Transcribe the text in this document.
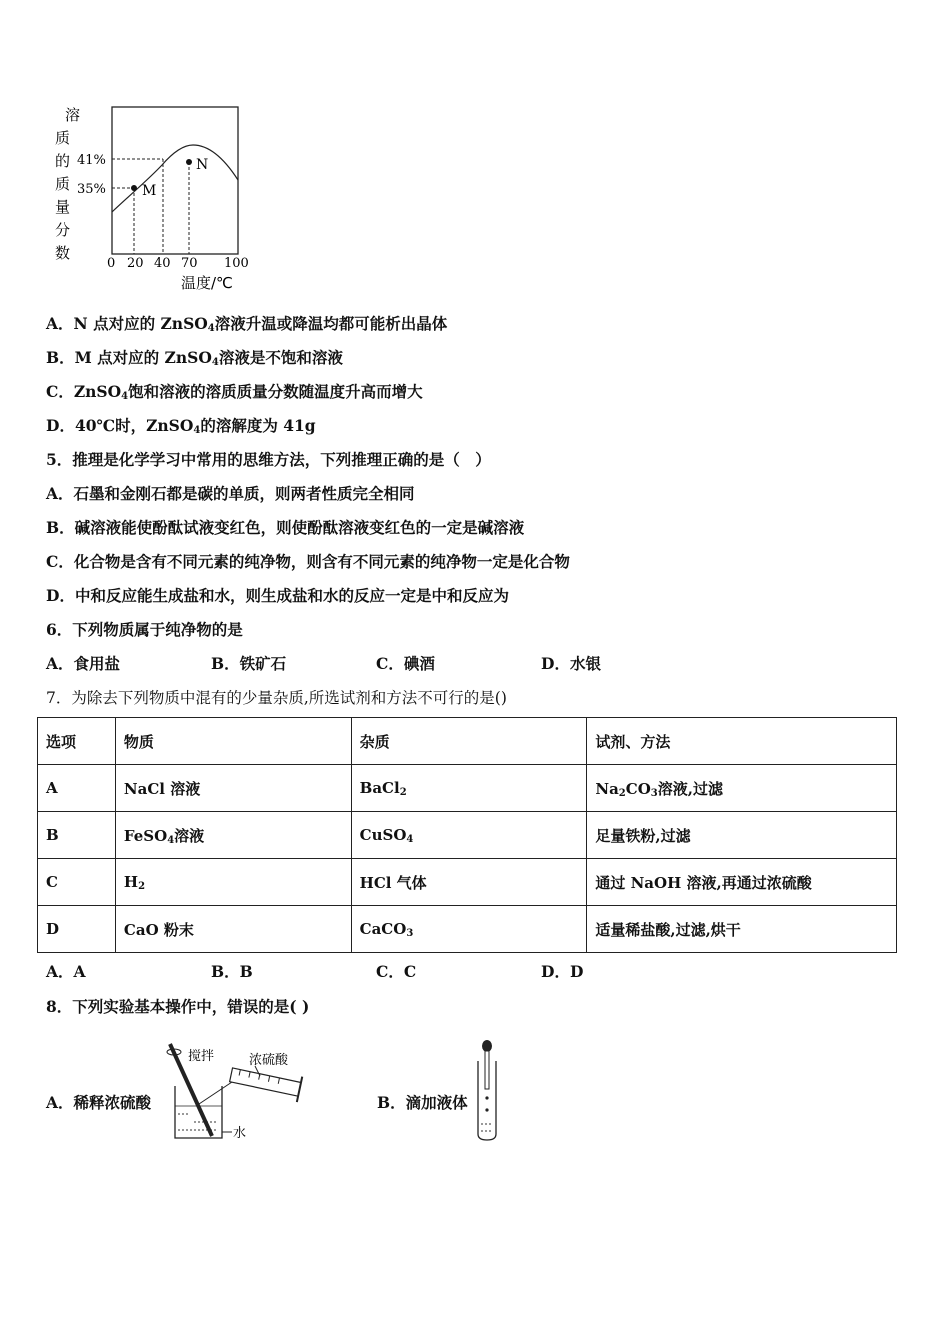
溶
质
的
质
量
分
数
M
N
41%
35%
0 20 40 70 100
温度/℃
A．N 点对应的 ZnSO$_4$溶液升温或降温均都可能析出晶体
B．M 点对应的 ZnSO$_4$溶液是不饱和溶液
C．ZnSO$_4$饱和溶液的溶质质量分数随温度升高而增大
D．40℃时，ZnSO$_4$的溶解度为 41g
5．推理是化学学习中常用的思维方法，下列推理正确的是（　）
A．石墨和金刚石都是碳的单质，则两者性质完全相同
B．碱溶液能使酚酞试液变红色，则使酚酞溶液变红色的一定是碱溶液
C．化合物是含有不同元素的纯净物，则含有不同元素的纯净物一定是化合物
D．中和反应能生成盐和水，则生成盐和水的反应一定是中和反应为
6．下列物质属于纯净物的是
A．食用盐	B．铁矿石	C．碘酒	D．水银
7．为除去下列物质中混有的少量杂质,所选试剂和方法不可行的是()
选项	物质	杂质	试剂、方法
A	NaCl 溶液	BaCl$_2$	$Na_2CO_3$溶液,过滤
B	FeSO$_4$溶液	CuSO$_4$	足量铁粉,过滤
C	$H_2$	HCl 气体	通过 NaOH 溶液,再通过浓硫酸
D	CaO 粉末	CaCO$_3$	适量稀盐酸,过滤,烘干
A．A	B．B	C．C	D．D
8．下列实验基本操作中，错误的是( )
A．稀释浓硫酸
搅拌	浓硫酸
水
B．滴加液体
